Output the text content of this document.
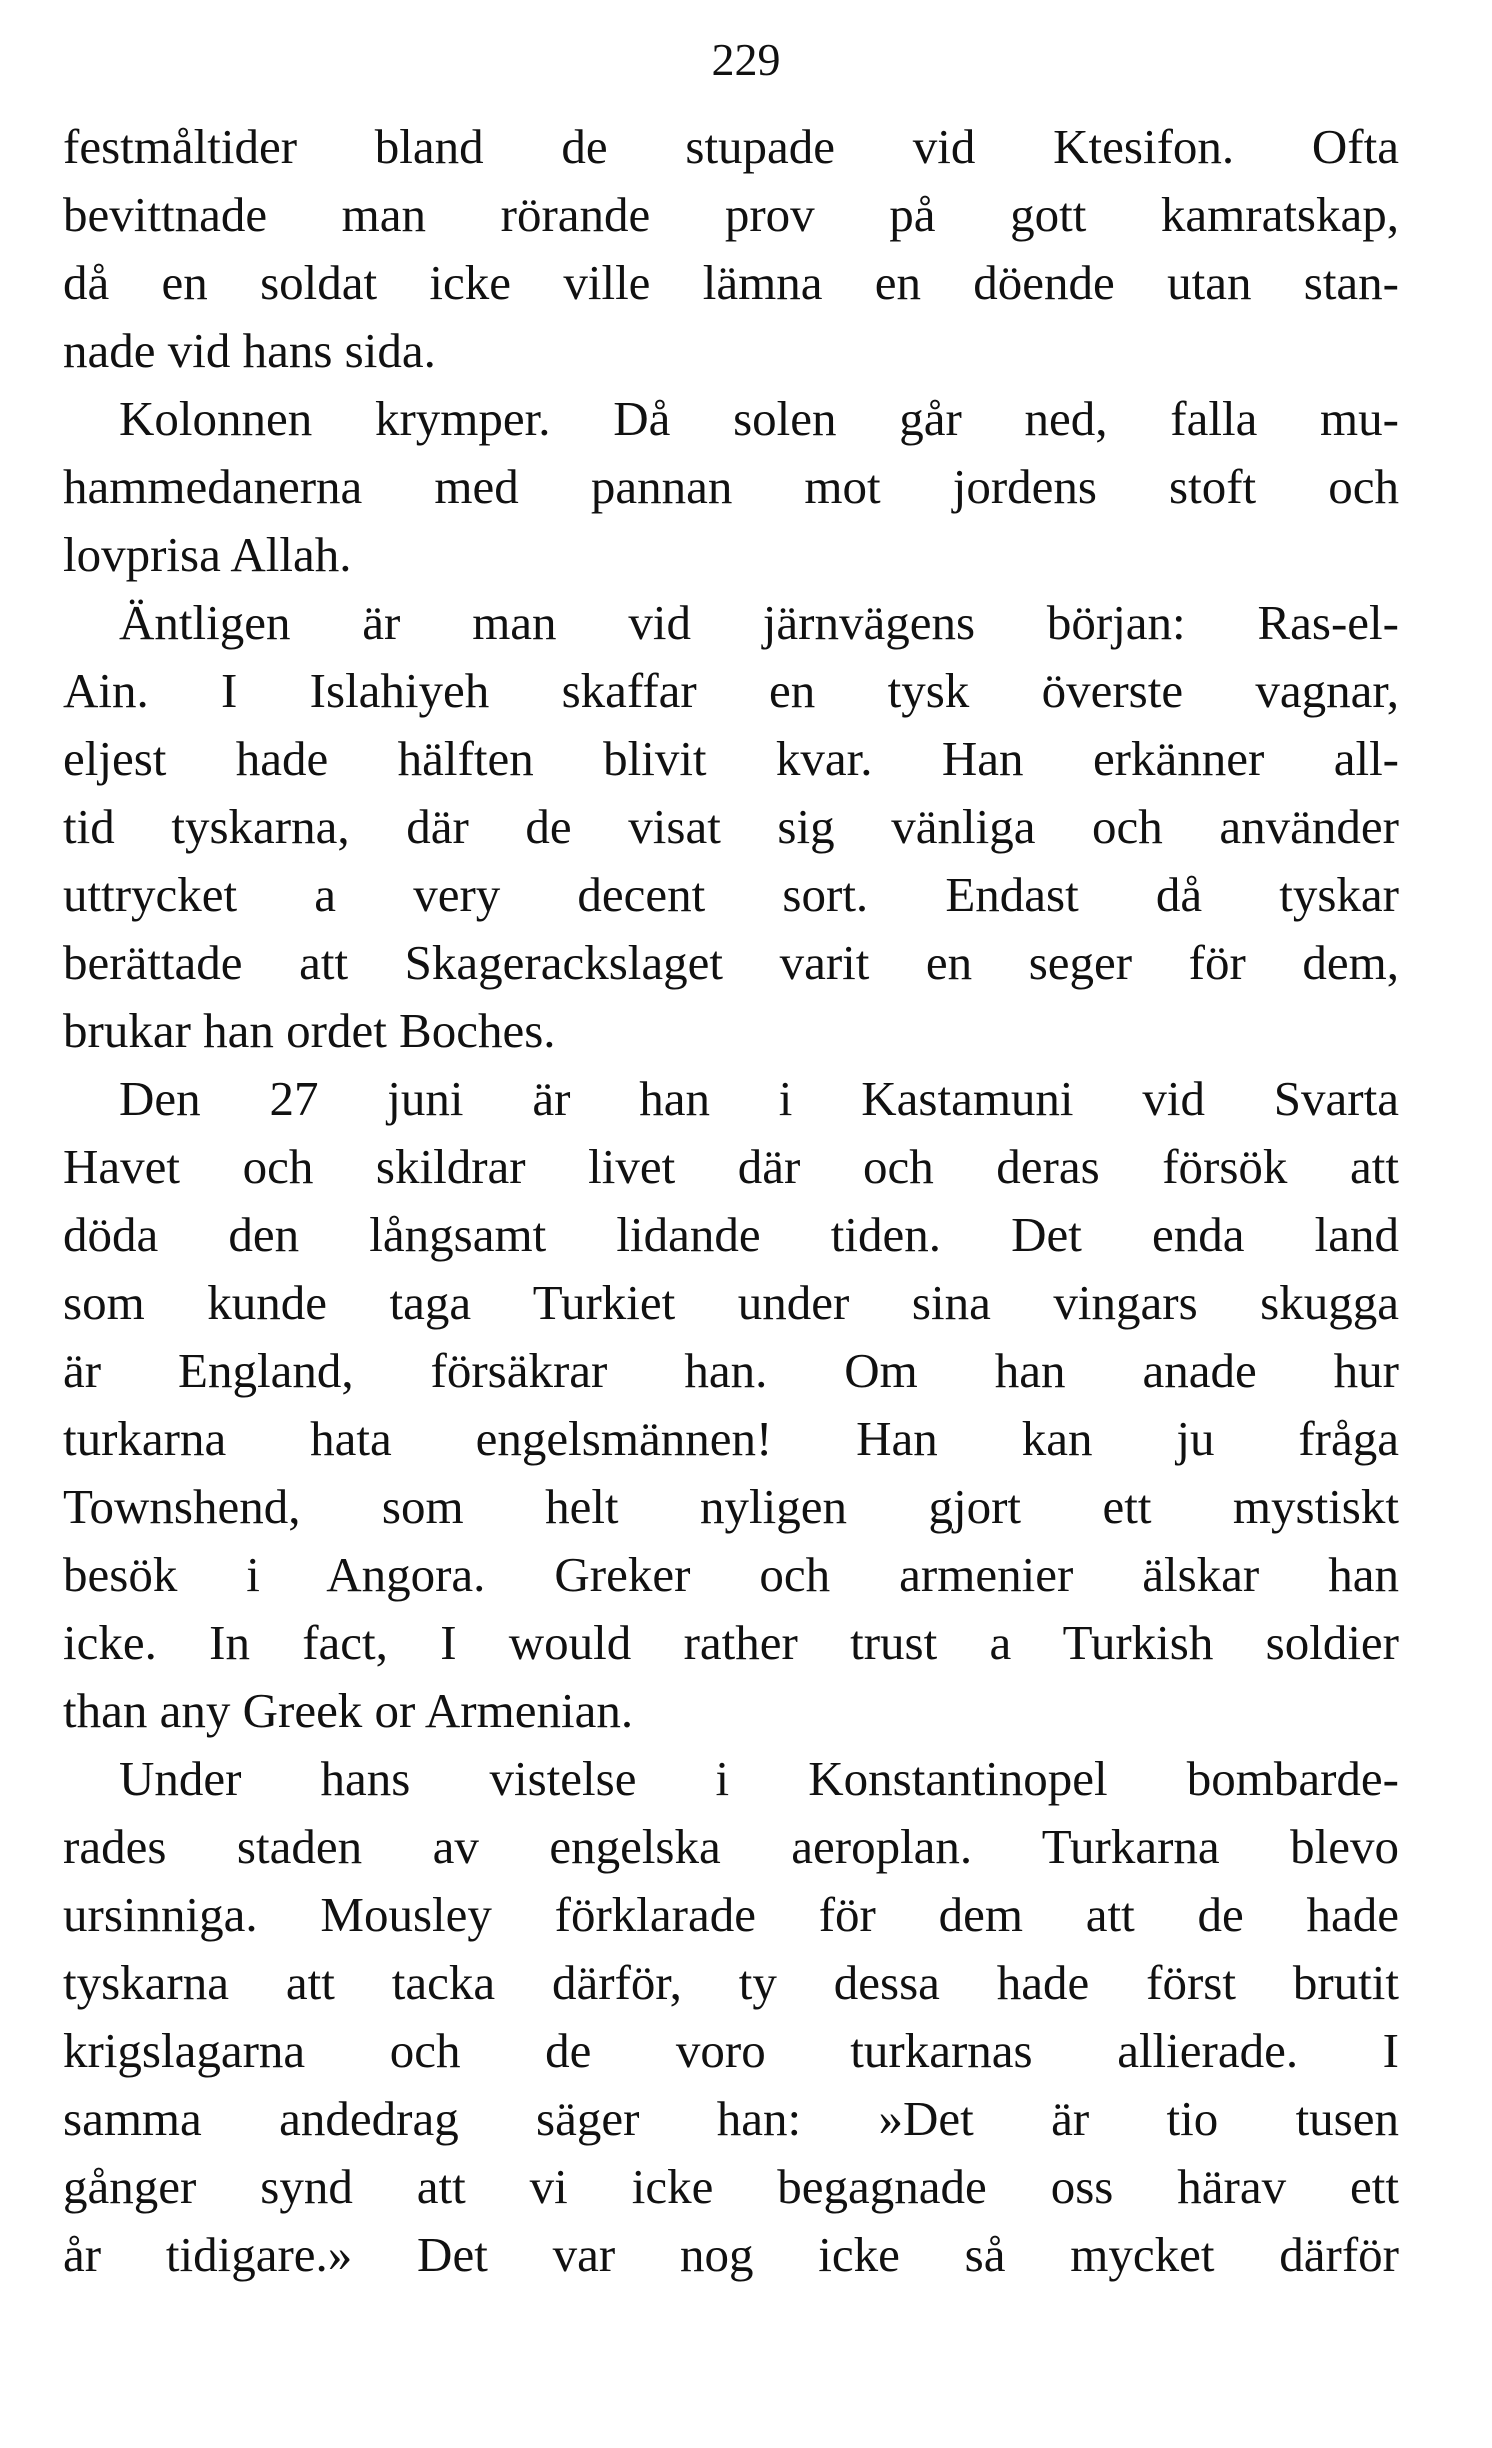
229
festmåltider bland de stupade vid Ktesifon. Ofta
bevittnade man rörande prov på gott kamratskap,
då en soldat icke ville lämna en döende utan stan-
nade vid hans sida.
Kolonnen krymper. Då solen går ned, falla mu-
hammedanerna med pannan mot jordens stoft och
lovprisa Allah.
Äntligen är man vid järnvägens början: Ras-el-
Ain. I Islahiyeh skaffar en tysk överste vagnar,
eljest hade hälften blivit kvar. Han erkänner all-
tid tyskarna, där de visat sig vänliga och använder
uttrycket a very decent sort. Endast då tyskar
berättade att Skagerackslaget varit en seger för dem,
brukar han ordet Boches.
Den 27 juni är han i Kastamuni vid Svarta
Havet och skildrar livet där och deras försök att
döda den långsamt lidande tiden. Det enda land
som kunde taga Turkiet under sina vingars skugga
är England, försäkrar han. Om han anade hur
turkarna hata engelsmännen! Han kan ju fråga
Townshend, som helt nyligen gjort ett mystiskt
besök i Angora. Greker och armenier älskar han
icke. In fact, I would rather trust a Turkish soldier
than any Greek or Armenian.
Under hans vistelse i Konstantinopel bombarde-
rades staden av engelska aeroplan. Turkarna blevo
ursinniga. Mousley förklarade för dem att de hade
tyskarna att tacka därför, ty dessa hade först brutit
krigslagarna och de voro turkarnas allierade. I
samma andedrag säger han: »Det är tio tusen
gånger synd att vi icke begagnade oss härav ett
år tidigare.» Det var nog icke så mycket därför
